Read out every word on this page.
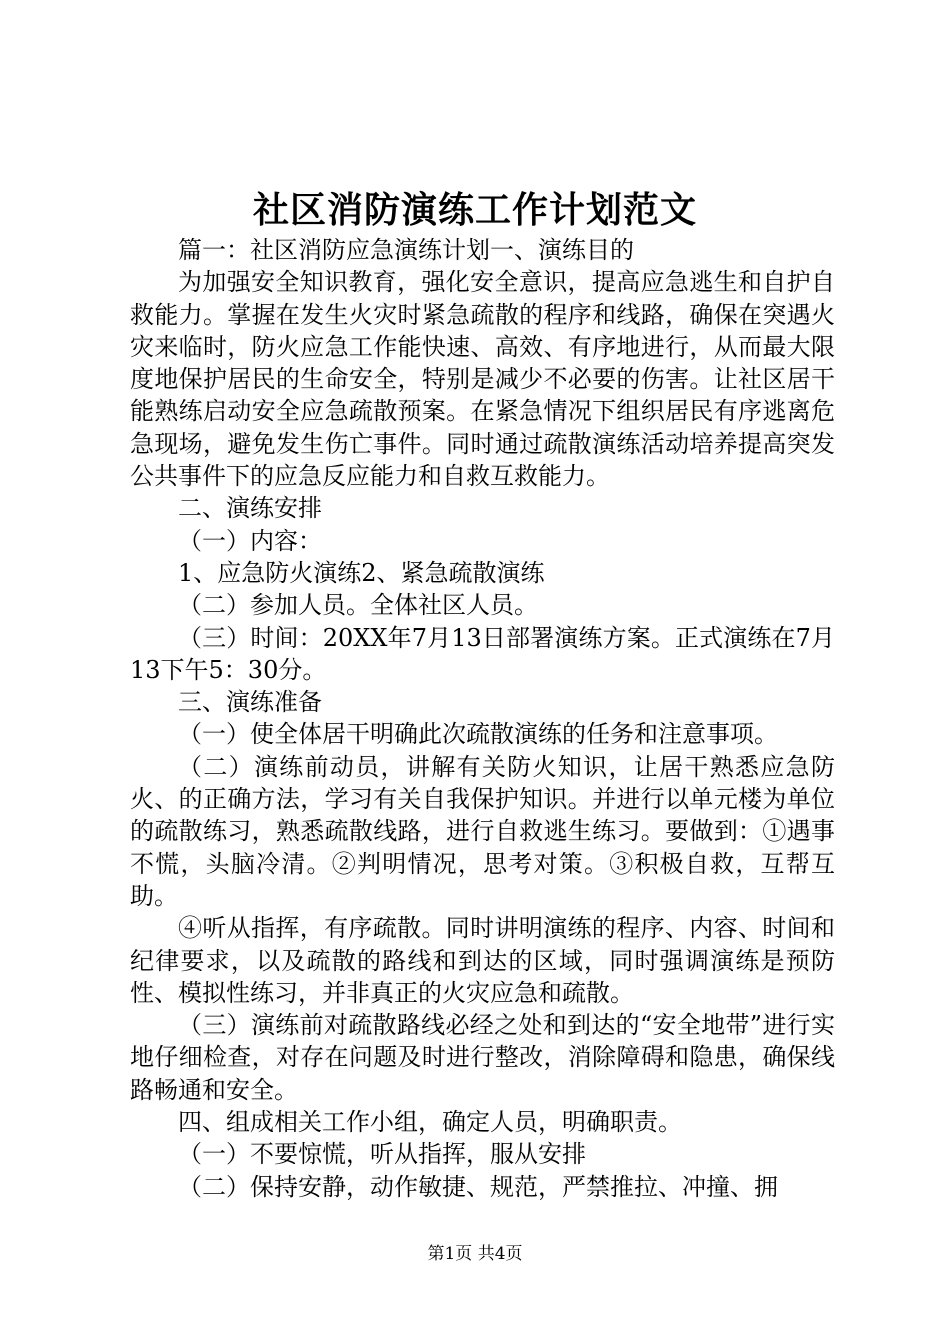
社区消防演练工作计划范文

篇一：社区消防应急演练计划一、演练目的

为加强安全知识教育，强化安全意识，提高应急逃生和自护自救能力。掌握在发生火灾时紧急疏散的程序和线路，确保在突遇火灾来临时，防火应急工作能快速、高效、有序地进行，从而最大限度地保护居民的生命安全，特别是减少不必要的伤害。让社区居干能熟练启动安全应急疏散预案。在紧急情况下组织居民有序逃离危急现场，避免发生伤亡事件。同时通过疏散演练活动培养提高突发公共事件下的应急反应能力和自救互救能力。

二、演练安排

（一）内容：

1、应急防火演练2、紧急疏散演练

（二）参加人员。全体社区人员。

（三）时间：20XX年7月13日部署演练方案。正式演练在7月13下午5：30分。

三、演练准备

（一）使全体居干明确此次疏散演练的任务和注意事项。

（二）演练前动员，讲解有关防火知识，让居干熟悉应急防火、的正确方法，学习有关自我保护知识。并进行以单元楼为单位的疏散练习，熟悉疏散线路，进行自救逃生练习。要做到：①遇事不慌，头脑冷清。②判明情况，思考对策。③积极自救，互帮互助。

④听从指挥，有序疏散。同时讲明演练的程序、内容、时间和纪律要求，以及疏散的路线和到达的区域，同时强调演练是预防性、模拟性练习，并非真正的火灾应急和疏散。

（三）演练前对疏散路线必经之处和到达的“安全地带”进行实地仔细检查，对存在问题及时进行整改，消除障碍和隐患，确保线路畅通和安全。

四、组成相关工作小组，确定人员，明确职责。

（一）不要惊慌，听从指挥，服从安排

（二）保持安静，动作敏捷、规范，严禁推拉、冲撞、拥

第1页 共4页
